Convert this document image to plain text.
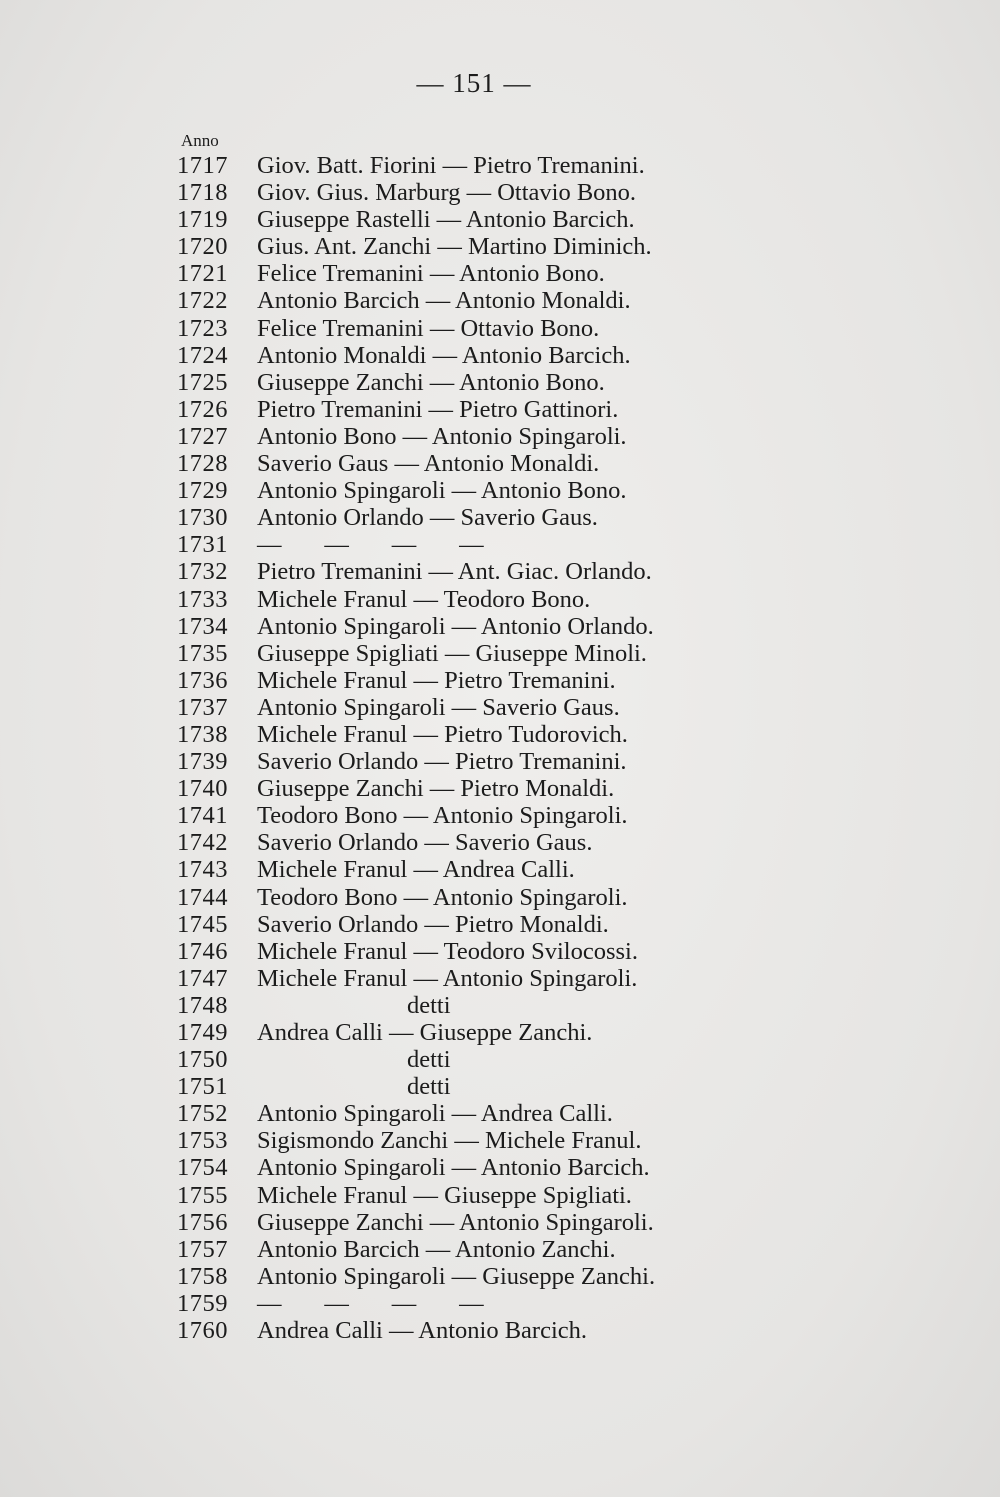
— 151 —
Anno
1717	Giov. Batt. Fiorini — Pietro Tremanini.
1718	Giov. Gius. Marburg — Ottavio Bono.
1719	Giuseppe Rastelli — Antonio Barcich.
1720	Gius. Ant. Zanchi — Martino Diminich.
1721	Felice Tremanini — Antonio Bono.
1722	Antonio Barcich — Antonio Monaldi.
1723	Felice Tremanini — Ottavio Bono.
1724	Antonio Monaldi — Antonio Barcich.
1725	Giuseppe Zanchi — Antonio Bono.
1726	Pietro Tremanini — Pietro Gattinori.
1727	Antonio Bono — Antonio Spingaroli.
1728	Saverio Gaus — Antonio Monaldi.
1729	Antonio Spingaroli — Antonio Bono.
1730	Antonio Orlando — Saverio Gaus.
1731	—       —       —       —
1732	Pietro Tremanini — Ant. Giac. Orlando.
1733	Michele Franul — Teodoro Bono.
1734	Antonio Spingaroli — Antonio Orlando.
1735	Giuseppe Spigliati — Giuseppe Minoli.
1736	Michele Franul — Pietro Tremanini.
1737	Antonio Spingaroli — Saverio Gaus.
1738	Michele Franul — Pietro Tudorovich.
1739	Saverio Orlando — Pietro Tremanini.
1740	Giuseppe Zanchi — Pietro Monaldi.
1741	Teodoro Bono — Antonio Spingaroli.
1742	Saverio Orlando — Saverio Gaus.
1743	Michele Franul — Andrea Calli.
1744	Teodoro Bono — Antonio Spingaroli.
1745	Saverio Orlando — Pietro Monaldi.
1746	Michele Franul — Teodoro Svilocossi.
1747	Michele Franul — Antonio Spingaroli.
1748	detti
1749	Andrea Calli — Giuseppe Zanchi.
1750	detti
1751	detti
1752	Antonio Spingaroli — Andrea Calli.
1753	Sigismondo Zanchi — Michele Franul.
1754	Antonio Spingaroli — Antonio Barcich.
1755	Michele Franul — Giuseppe Spigliati.
1756	Giuseppe Zanchi — Antonio Spingaroli.
1757	Antonio Barcich — Antonio Zanchi.
1758	Antonio Spingaroli — Giuseppe Zanchi.
1759	—       —       —       —
1760	Andrea Calli — Antonio Barcich.
